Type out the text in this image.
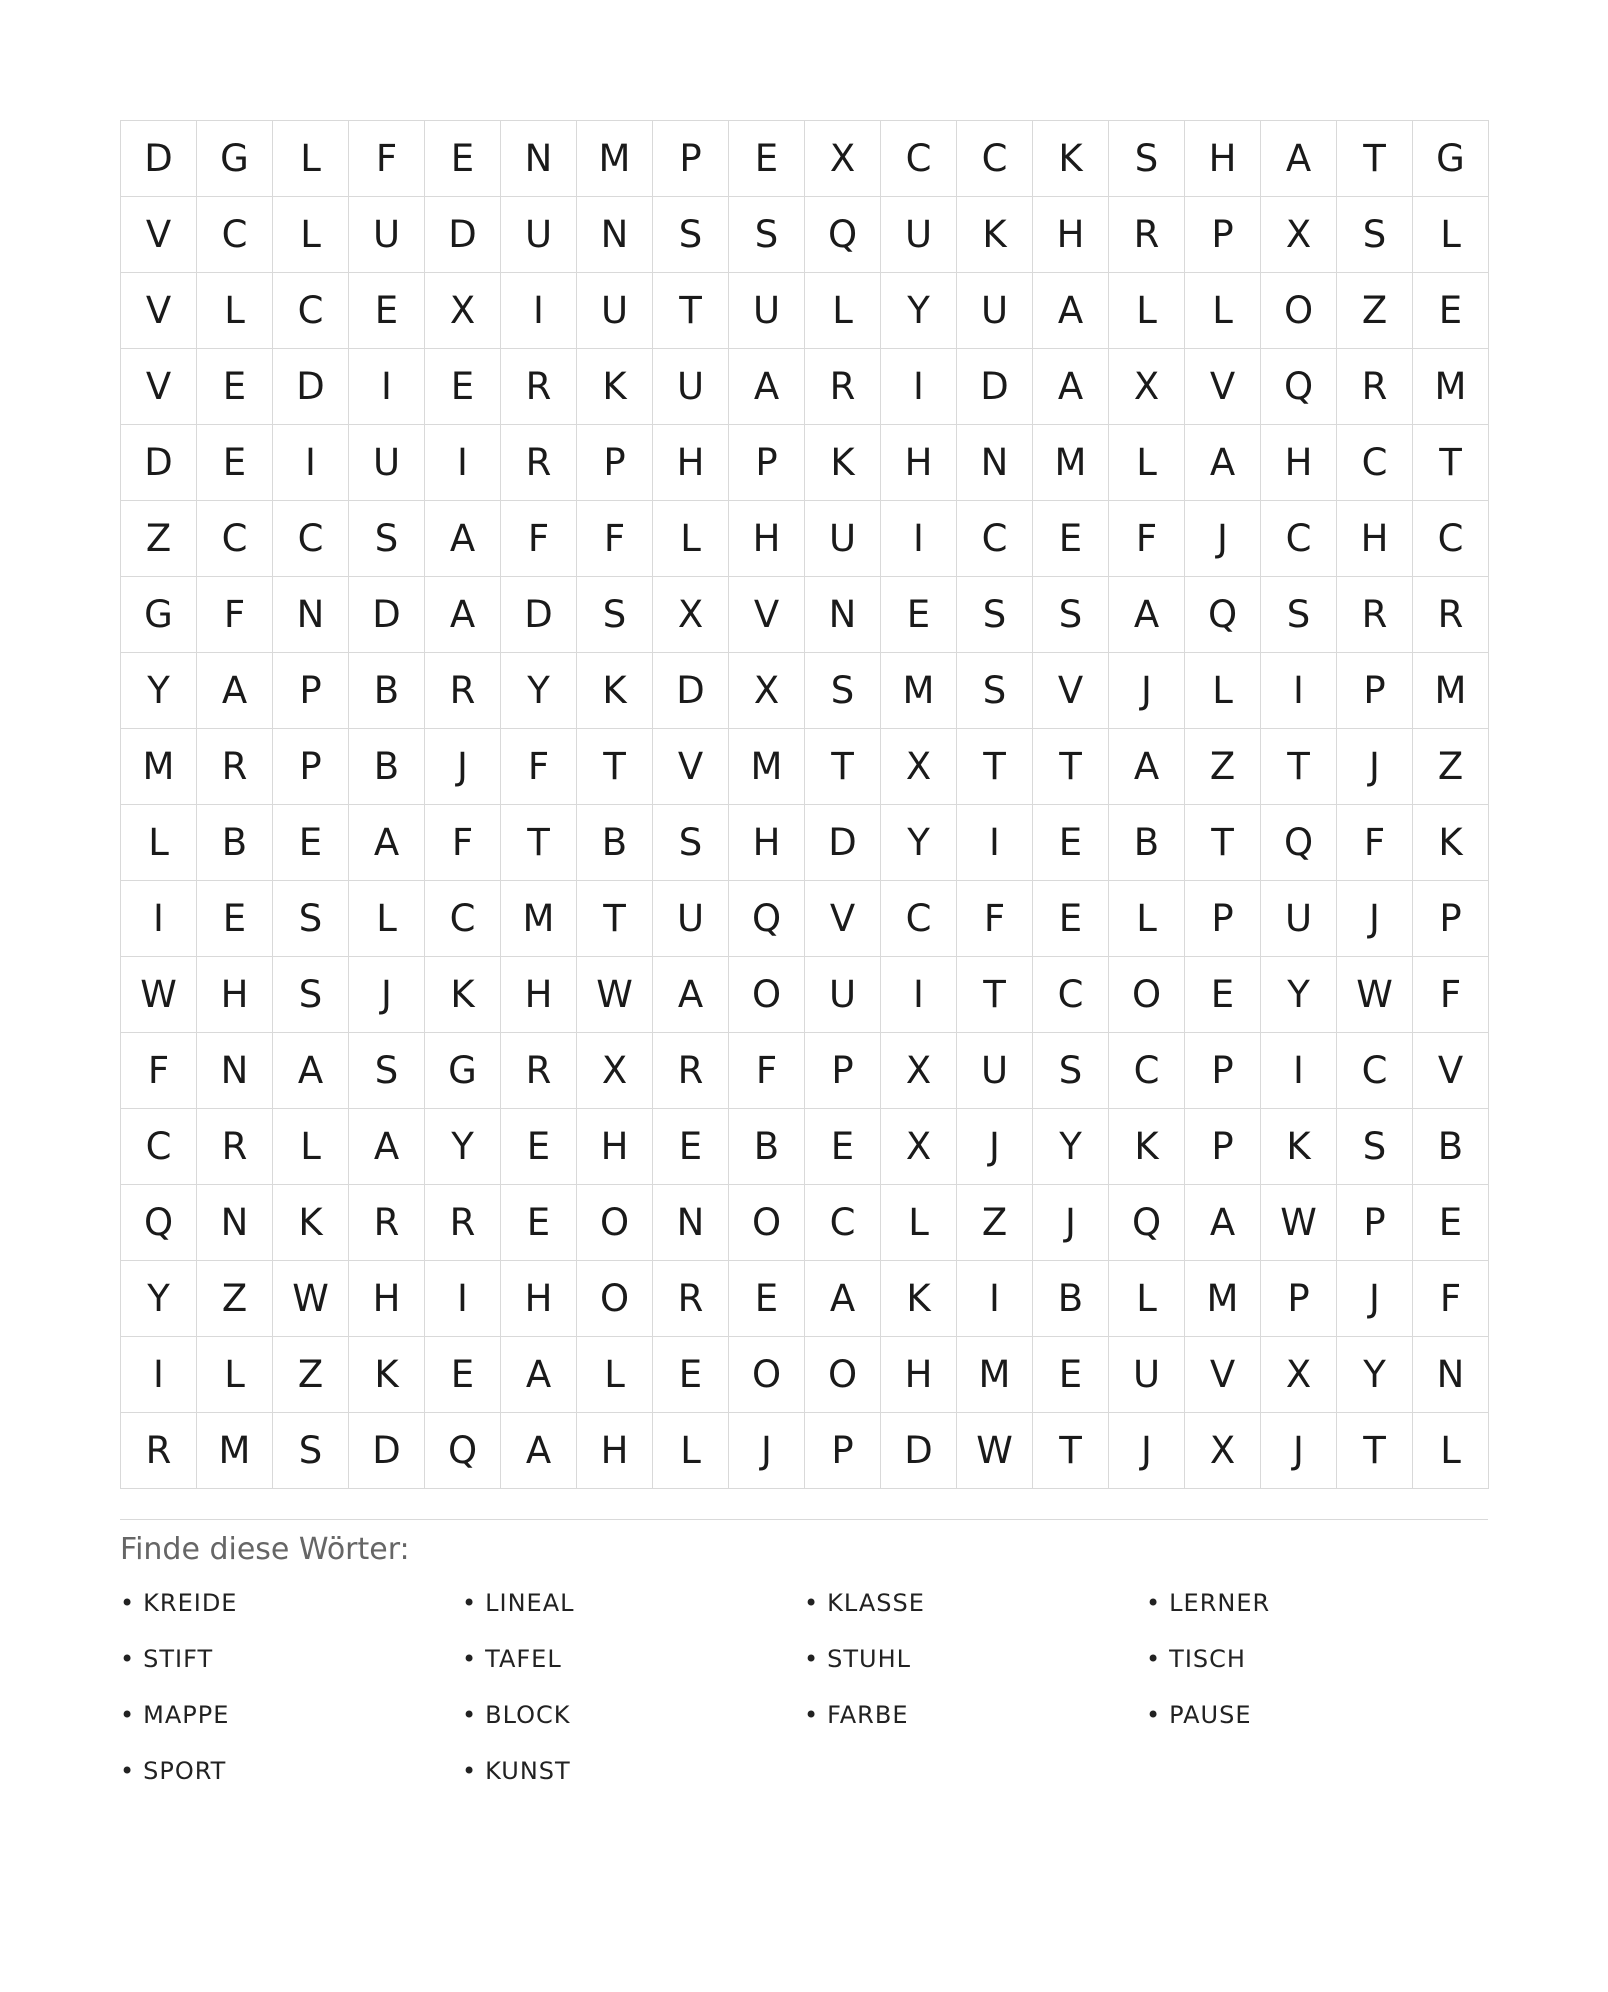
D	G	L	F	E	N	M	P	E	X	C	C	K	S	H	A	T	G
V	C	L	U	D	U	N	S	S	Q	U	K	H	R	P	X	S	L
V	L	C	E	X	I	U	T	U	L	Y	U	A	L	L	O	Z	E
V	E	D	I	E	R	K	U	A	R	I	D	A	X	V	Q	R	M
D	E	I	U	I	R	P	H	P	K	H	N	M	L	A	H	C	T
Z	C	C	S	A	F	F	L	H	U	I	C	E	F	J	C	H	C
G	F	N	D	A	D	S	X	V	N	E	S	S	A	Q	S	R	R
Y	A	P	B	R	Y	K	D	X	S	M	S	V	J	L	I	P	M
M	R	P	B	J	F	T	V	M	T	X	T	T	A	Z	T	J	Z
L	B	E	A	F	T	B	S	H	D	Y	I	E	B	T	Q	F	K
I	E	S	L	C	M	T	U	Q	V	C	F	E	L	P	U	J	P
W	H	S	J	K	H	W	A	O	U	I	T	C	O	E	Y	W	F
F	N	A	S	G	R	X	R	F	P	X	U	S	C	P	I	C	V
C	R	L	A	Y	E	H	E	B	E	X	J	Y	K	P	K	S	B
Q	N	K	R	R	E	O	N	O	C	L	Z	J	Q	A	W	P	E
Y	Z	W	H	I	H	O	R	E	A	K	I	B	L	M	P	J	F
I	L	Z	K	E	A	L	E	O	O	H	M	E	U	V	X	Y	N
R	M	S	D	Q	A	H	L	J	P	D	W	T	J	X	J	T	L
Finde diese Wörter:
• KREIDE	• LINEAL	• KLASSE	• LERNER
• STIFT	• TAFEL	• STUHL	• TISCH
• MAPPE	• BLOCK	• FARBE	• PAUSE
• SPORT	• KUNST
